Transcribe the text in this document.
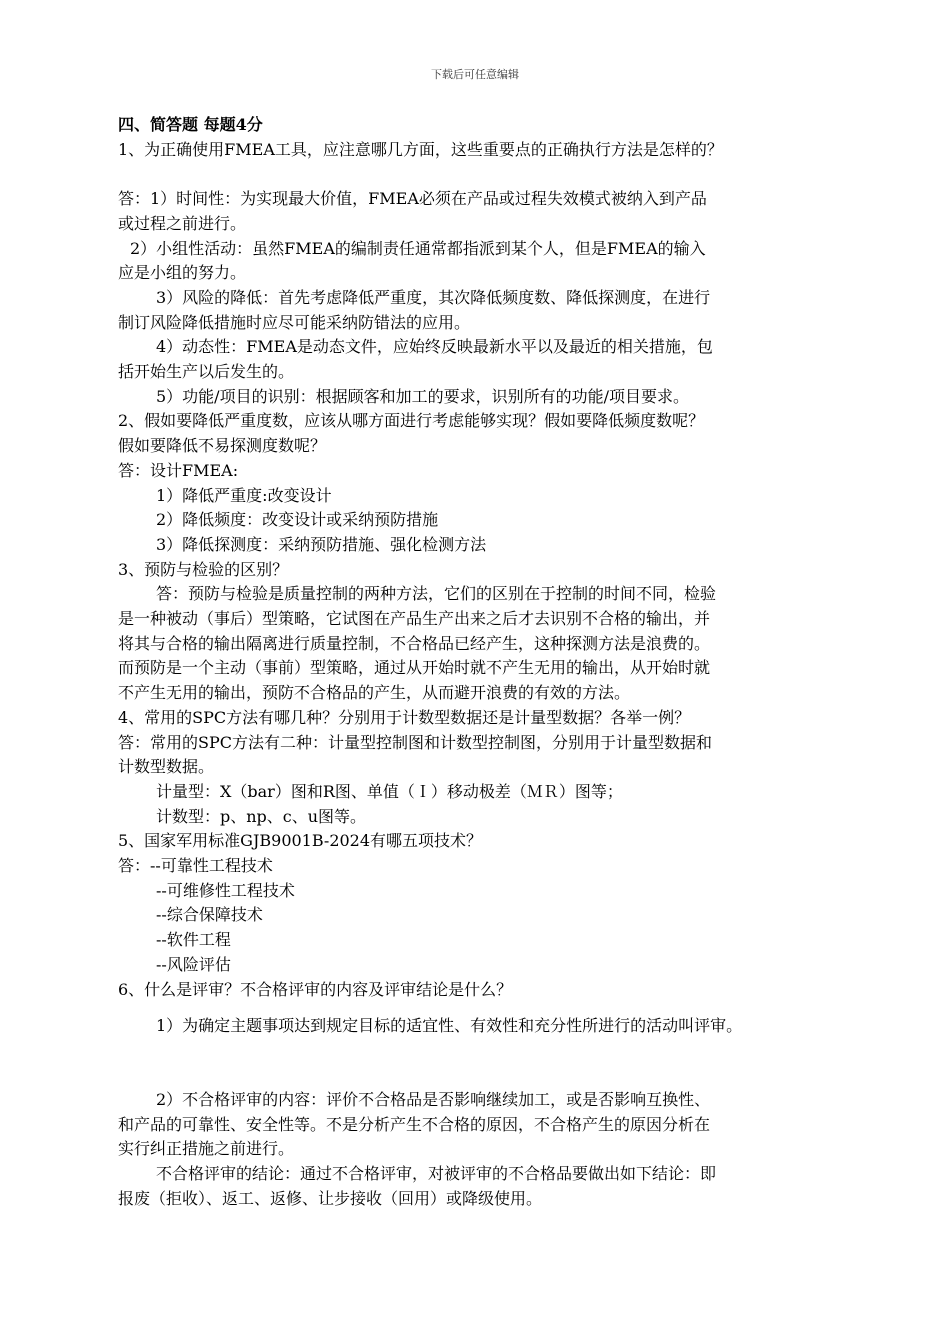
下载后可任意编辑

四、简答题 每题4分

1、为正确使用FMEA工具，应注意哪几方面，这些重要点的正确执行方法是怎样的？

答：1）时间性：为实现最大价值，FMEA必须在产品或过程失效模式被纳入到产品

或过程之前进行。

2）小组性活动：虽然FMEA的编制责任通常都指派到某个人，但是FMEA的输入

应是小组的努力。

3）风险的降低：首先考虑降低严重度，其次降低频度数、降低探测度，在进行

制订风险降低措施时应尽可能采纳防错法的应用。

4）动态性：FMEA是动态文件，应始终反映最新水平以及最近的相关措施，包

括开始生产以后发生的。

5）功能/项目的识别：根据顾客和加工的要求，识别所有的功能/项目要求。

2、假如要降低严重度数，应该从哪方面进行考虑能够实现？假如要降低频度数呢？

假如要降低不易探测度数呢？

答：设计FMEA:

1）降低严重度:改变设计

2）降低频度：改变设计或采纳预防措施

3）降低探测度：采纳预防措施、强化检测方法

3、预防与检验的区别？

答：预防与检验是质量控制的两种方法，它们的区别在于控制的时间不同，检验

是一种被动（事后）型策略，它试图在产品生产出来之后才去识别不合格的输出，并

将其与合格的输出隔离进行质量控制，不合格品已经产生，这种探测方法是浪费的。

而预防是一个主动（事前）型策略，通过从开始时就不产生无用的输出，从开始时就

不产生无用的输出，预防不合格品的产生，从而避开浪费的有效的方法。

4、常用的SPC方法有哪几种？分别用于计数型数据还是计量型数据？各举一例？

答：常用的SPC方法有二种：计量型控制图和计数型控制图，分别用于计量型数据和

计数型数据。

计量型：X（bar）图和R图、单值（Ｉ）移动极差（ＭＲ）图等；

计数型：p、np、c、u图等。

5、国家军用标准GJB9001B-2024有哪五项技术？

答：--可靠性工程技术

--可维修性工程技术

--综合保障技术

--软件工程

--风险评估

6、什么是评审？不合格评审的内容及评审结论是什么？

1）为确定主题事项达到规定目标的适宜性、有效性和充分性所进行的活动叫评审。

2）不合格评审的内容：评价不合格品是否影响继续加工，或是否影响互换性、

和产品的可靠性、安全性等。不是分析产生不合格的原因，不合格产生的原因分析在

实行纠正措施之前进行。

不合格评审的结论：通过不合格评审，对被评审的不合格品要做出如下结论：即

报废（拒收）、返工、返修、让步接收（回用）或降级使用。
